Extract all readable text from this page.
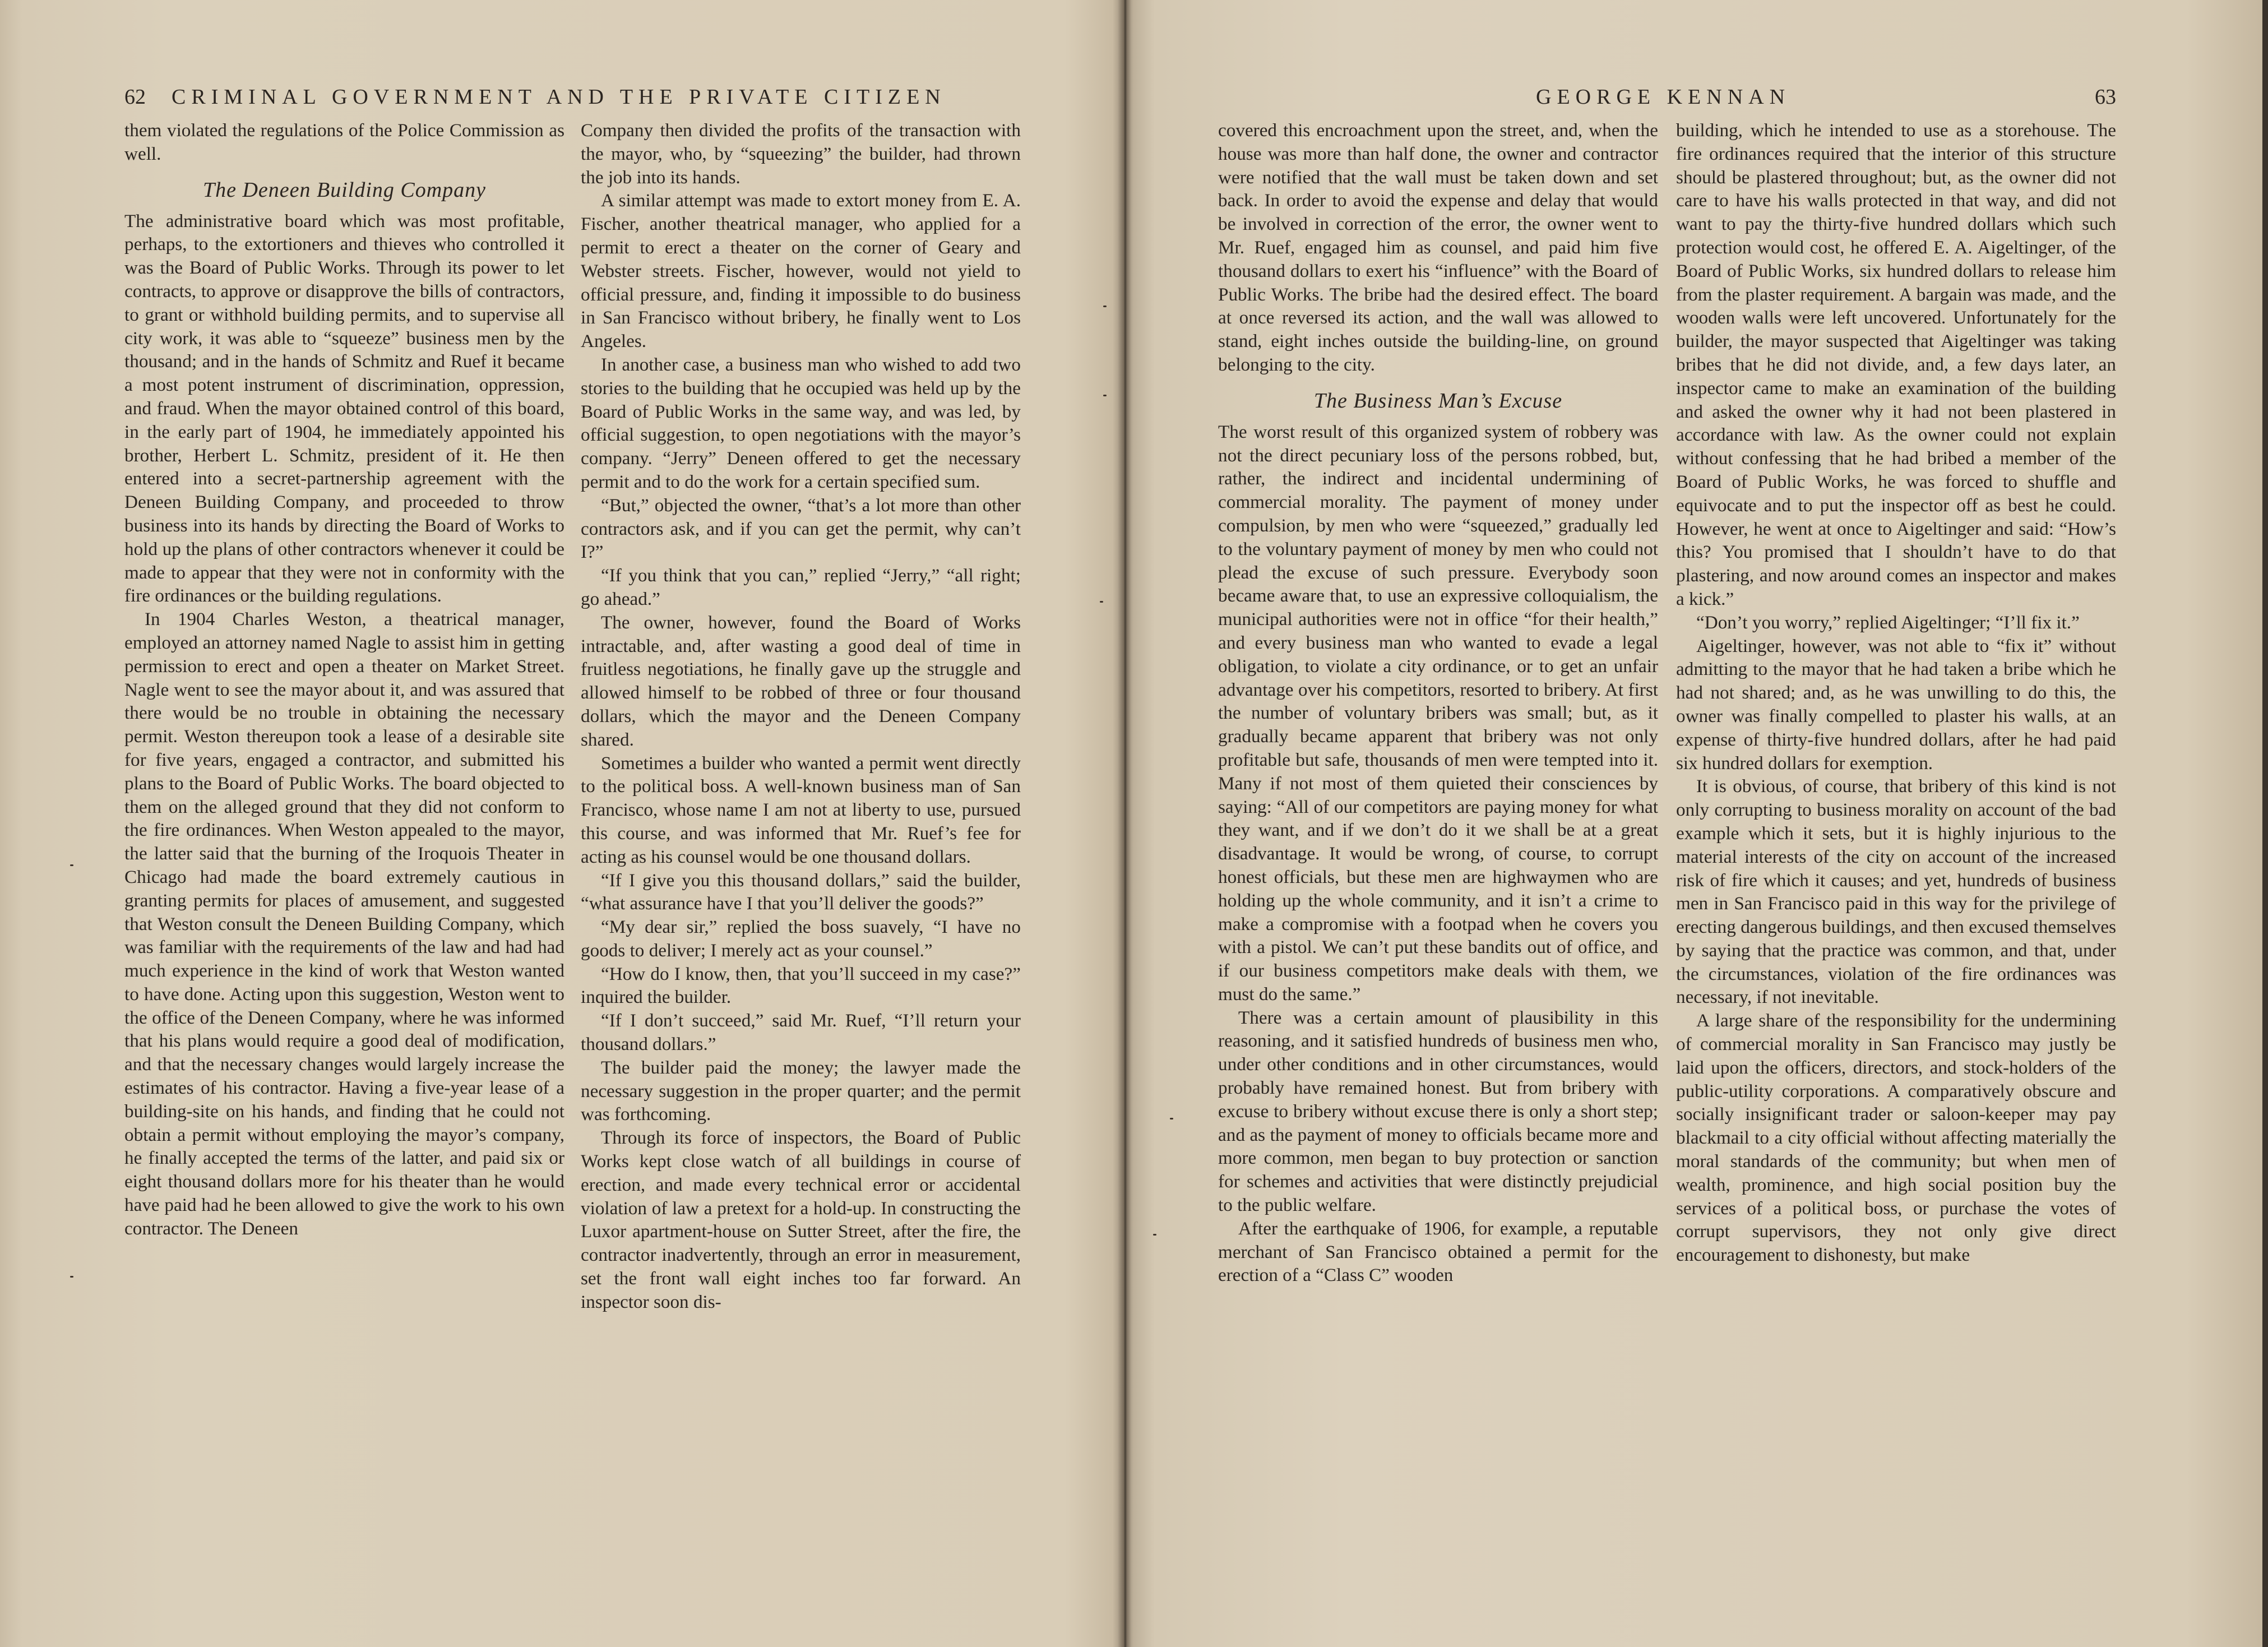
62 CRIMINAL GOVERNMENT AND THE PRIVATE CITIZEN

them violated the regulations of the Police Commission as well.

The Deneen Building Company

The administrative board which was most profitable, perhaps, to the extortioners and thieves who controlled it was the Board of Public Works. Through its power to let contracts, to approve or disapprove the bills of contractors, to grant or withhold building permits, and to supervise all city work, it was able to “squeeze” business men by the thousand; and in the hands of Schmitz and Ruef it became a most potent instrument of discrimination, oppression, and fraud. When the mayor obtained control of this board, in the early part of 1904, he immediately appointed his brother, Herbert L. Schmitz, president of it. He then entered into a secret-partnership agreement with the Deneen Building Company, and proceeded to throw business into its hands by directing the Board of Works to hold up the plans of other contractors whenever it could be made to appear that they were not in conformity with the fire ordinances or the building regulations.

In 1904 Charles Weston, a theatrical manager, employed an attorney named Nagle to assist him in getting permission to erect and open a theater on Market Street. Nagle went to see the mayor about it, and was assured that there would be no trouble in obtaining the necessary permit. Weston thereupon took a lease of a desirable site for five years, engaged a contractor, and submitted his plans to the Board of Public Works. The board objected to them on the alleged ground that they did not conform to the fire ordinances. When Weston appealed to the mayor, the latter said that the burning of the Iroquois Theater in Chicago had made the board extremely cautious in granting permits for places of amusement, and suggested that Weston consult the Deneen Building Company, which was familiar with the requirements of the law and had had much experience in the kind of work that Weston wanted to have done. Acting upon this suggestion, Weston went to the office of the Deneen Company, where he was informed that his plans would require a good deal of modification, and that the necessary changes would largely increase the estimates of his contractor. Having a five-year lease of a building-site on his hands, and finding that he could not obtain a permit without employing the mayor’s company, he finally accepted the terms of the latter, and paid six or eight thousand dollars more for his theater than he would have paid had he been allowed to give the work to his own contractor. The Deneen

Company then divided the profits of the transaction with the mayor, who, by “squeezing” the builder, had thrown the job into its hands.

A similar attempt was made to extort money from E. A. Fischer, another theatrical manager, who applied for a permit to erect a theater on the corner of Geary and Webster streets. Fischer, however, would not yield to official pressure, and, finding it impossible to do business in San Francisco without bribery, he finally went to Los Angeles.

In another case, a business man who wished to add two stories to the building that he occupied was held up by the Board of Public Works in the same way, and was led, by official suggestion, to open negotiations with the mayor’s company. “Jerry” Deneen offered to get the necessary permit and to do the work for a certain specified sum.

“But,” objected the owner, “that’s a lot more than other contractors ask, and if you can get the permit, why can’t I?”

“If you think that you can,” replied “Jerry,” “all right; go ahead.”

The owner, however, found the Board of Works intractable, and, after wasting a good deal of time in fruitless negotiations, he finally gave up the struggle and allowed himself to be robbed of three or four thousand dollars, which the mayor and the Deneen Company shared.

Sometimes a builder who wanted a permit went directly to the political boss. A well-known business man of San Francisco, whose name I am not at liberty to use, pursued this course, and was informed that Mr. Ruef’s fee for acting as his counsel would be one thousand dollars.

“If I give you this thousand dollars,” said the builder, “what assurance have I that you’ll deliver the goods?”

“My dear sir,” replied the boss suavely, “I have no goods to deliver; I merely act as your counsel.”

“How do I know, then, that you’ll succeed in my case?” inquired the builder.

“If I don’t succeed,” said Mr. Ruef, “I’ll return your thousand dollars.”

The builder paid the money; the lawyer made the necessary suggestion in the proper quarter; and the permit was forthcoming.

Through its force of inspectors, the Board of Public Works kept close watch of all buildings in course of erection, and made every technical error or accidental violation of law a pretext for a hold-up. In constructing the Luxor apartment-house on Sutter Street, after the fire, the contractor inadvertently, through an error in measurement, set the front wall eight inches too far forward. An inspector soon dis-

GEORGE KENNAN	63

covered this encroachment upon the street, and, when the house was more than half done, the owner and contractor were notified that the wall must be taken down and set back. In order to avoid the expense and delay that would be involved in correction of the error, the owner went to Mr. Ruef, engaged him as counsel, and paid him five thousand dollars to exert his “influence” with the Board of Public Works. The bribe had the desired effect. The board at once reversed its action, and the wall was allowed to stand, eight inches outside the building-line, on ground belonging to the city.

The Business Man’s Excuse

The worst result of this organized system of robbery was not the direct pecuniary loss of the persons robbed, but, rather, the indirect and incidental undermining of commercial morality. The payment of money under compulsion, by men who were “squeezed,” gradually led to the voluntary payment of money by men who could not plead the excuse of such pressure. Everybody soon became aware that, to use an expressive colloquialism, the municipal authorities were not in office “for their health,” and every business man who wanted to evade a legal obligation, to violate a city ordinance, or to get an unfair advantage over his competitors, resorted to bribery. At first the number of voluntary bribers was small; but, as it gradually became apparent that bribery was not only profitable but safe, thousands of men were tempted into it. Many if not most of them quieted their consciences by saying: “All of our competitors are paying money for what they want, and if we don’t do it we shall be at a great disadvantage. It would be wrong, of course, to corrupt honest officials, but these men are highwaymen who are holding up the whole community, and it isn’t a crime to make a compromise with a footpad when he covers you with a pistol. We can’t put these bandits out of office, and if our business competitors make deals with them, we must do the same.”

There was a certain amount of plausibility in this reasoning, and it satisfied hundreds of business men who, under other conditions and in other circumstances, would probably have remained honest. But from bribery with excuse to bribery without excuse there is only a short step; and as the payment of money to officials became more and more common, men began to buy protection or sanction for schemes and activities that were distinctly prejudicial to the public welfare.

After the earthquake of 1906, for example, a reputable merchant of San Francisco obtained a permit for the erection of a “Class C” wooden

building, which he intended to use as a storehouse. The fire ordinances required that the interior of this structure should be plastered throughout; but, as the owner did not care to have his walls protected in that way, and did not want to pay the thirty-five hundred dollars which such protection would cost, he offered E. A. Aigeltinger, of the Board of Public Works, six hundred dollars to release him from the plaster requirement. A bargain was made, and the wooden walls were left uncovered. Unfortunately for the builder, the mayor suspected that Aigeltinger was taking bribes that he did not divide, and, a few days later, an inspector came to make an examination of the building and asked the owner why it had not been plastered in accordance with law. As the owner could not explain without confessing that he had bribed a member of the Board of Public Works, he was forced to shuffle and equivocate and to put the inspector off as best he could. However, he went at once to Aigeltinger and said: “How’s this? You promised that I shouldn’t have to do that plastering, and now around comes an inspector and makes a kick.”

“Don’t you worry,” replied Aigeltinger; “I’ll fix it.”

Aigeltinger, however, was not able to “fix it” without admitting to the mayor that he had taken a bribe which he had not shared; and, as he was unwilling to do this, the owner was finally compelled to plaster his walls, at an expense of thirty-five hundred dollars, after he had paid six hundred dollars for exemption.

It is obvious, of course, that bribery of this kind is not only corrupting to business morality on account of the bad example which it sets, but it is highly injurious to the material interests of the city on account of the increased risk of fire which it causes; and yet, hundreds of business men in San Francisco paid in this way for the privilege of erecting dangerous buildings, and then excused themselves by saying that the practice was common, and that, under the circumstances, violation of the fire ordinances was necessary, if not inevitable.

A large share of the responsibility for the undermining of commercial morality in San Francisco may justly be laid upon the officers, directors, and stock-holders of the public-utility corporations. A comparatively obscure and socially insignificant trader or saloon-keeper may pay blackmail to a city official without affecting materially the moral standards of the community; but when men of wealth, prominence, and high social position buy the services of a political boss, or purchase the votes of corrupt supervisors, they not only give direct encouragement to dishonesty, but make
